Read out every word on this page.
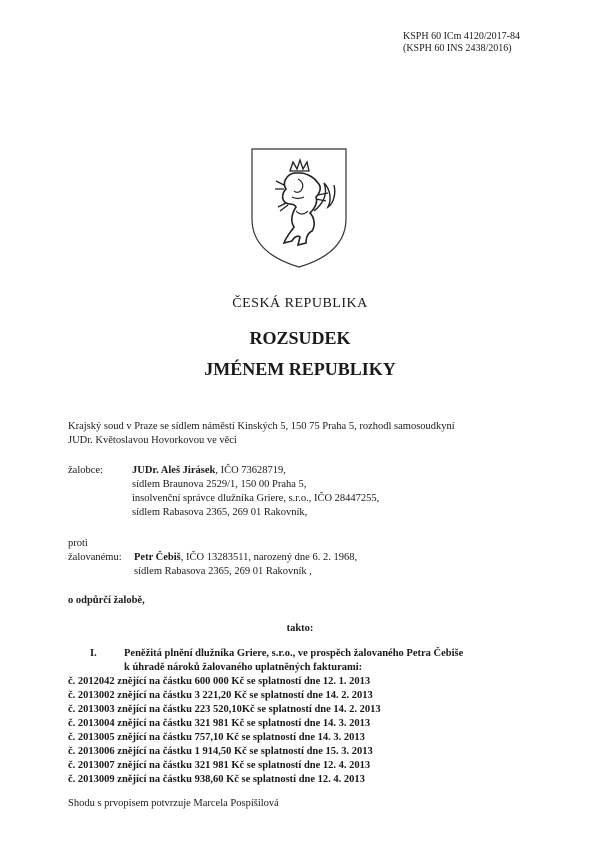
KSPH 60 ICm 4120/2017-84
(KSPH 60 INS 2438/2016)
ČESKÁ REPUBLIKA
ROZSUDEK
JMÉNEM REPUBLIKY
Krajský soud v Praze se sídlem náměstí Kinských 5, 150 75 Praha 5, rozhodl samosoudkyní
JUDr. Květoslavou Hovorkovou ve věci
žalobce:	JUDr. Aleš Jirásek, IČO 73628719,
sídlem Braunova 2529/1, 150 00 Praha 5,
insolvenční správce dlužníka Griere, s.r.o., IČO 28447255,
sídlem Rabasova 2365, 269 01 Rakovník,
proti
žalovanému: Petr Čebiš, IČO 13283511, narozený dne 6. 2. 1968,
sídlem Rabasova 2365, 269 01 Rakovník ,
o odpůrčí žalobě,
takto:
I.	Peněžitá plnění dlužníka Griere, s.r.o., ve prospěch žalovaného Petra Čebiše
k úhradě nároků žalovaného uplatněných fakturami:
č. 2012042 znějící na částku 600 000 Kč se splatností dne 12. 1. 2013
č. 2013002 znějící na částku 3 221,20 Kč se splatností dne 14. 2. 2013
č. 2013003 znějící na částku 223 520,10Kč se splatností dne 14. 2. 2013
č. 2013004 znějící na částku 321 981 Kč se splatností dne 14. 3. 2013
č. 2013005 znějící na částku 757,10 Kč se splatností dne 14. 3. 2013
č. 2013006 znějící na částku 1 914,50 Kč se splatností dne 15. 3. 2013
č. 2013007 znějící na částku 321 981 Kč se splatností dne 12. 4. 2013
č. 2013009 znějící na částku 938,60 Kč se splatností dne 12. 4. 2013
Shodu s prvopisem potvrzuje Marcela Pospíšilová
